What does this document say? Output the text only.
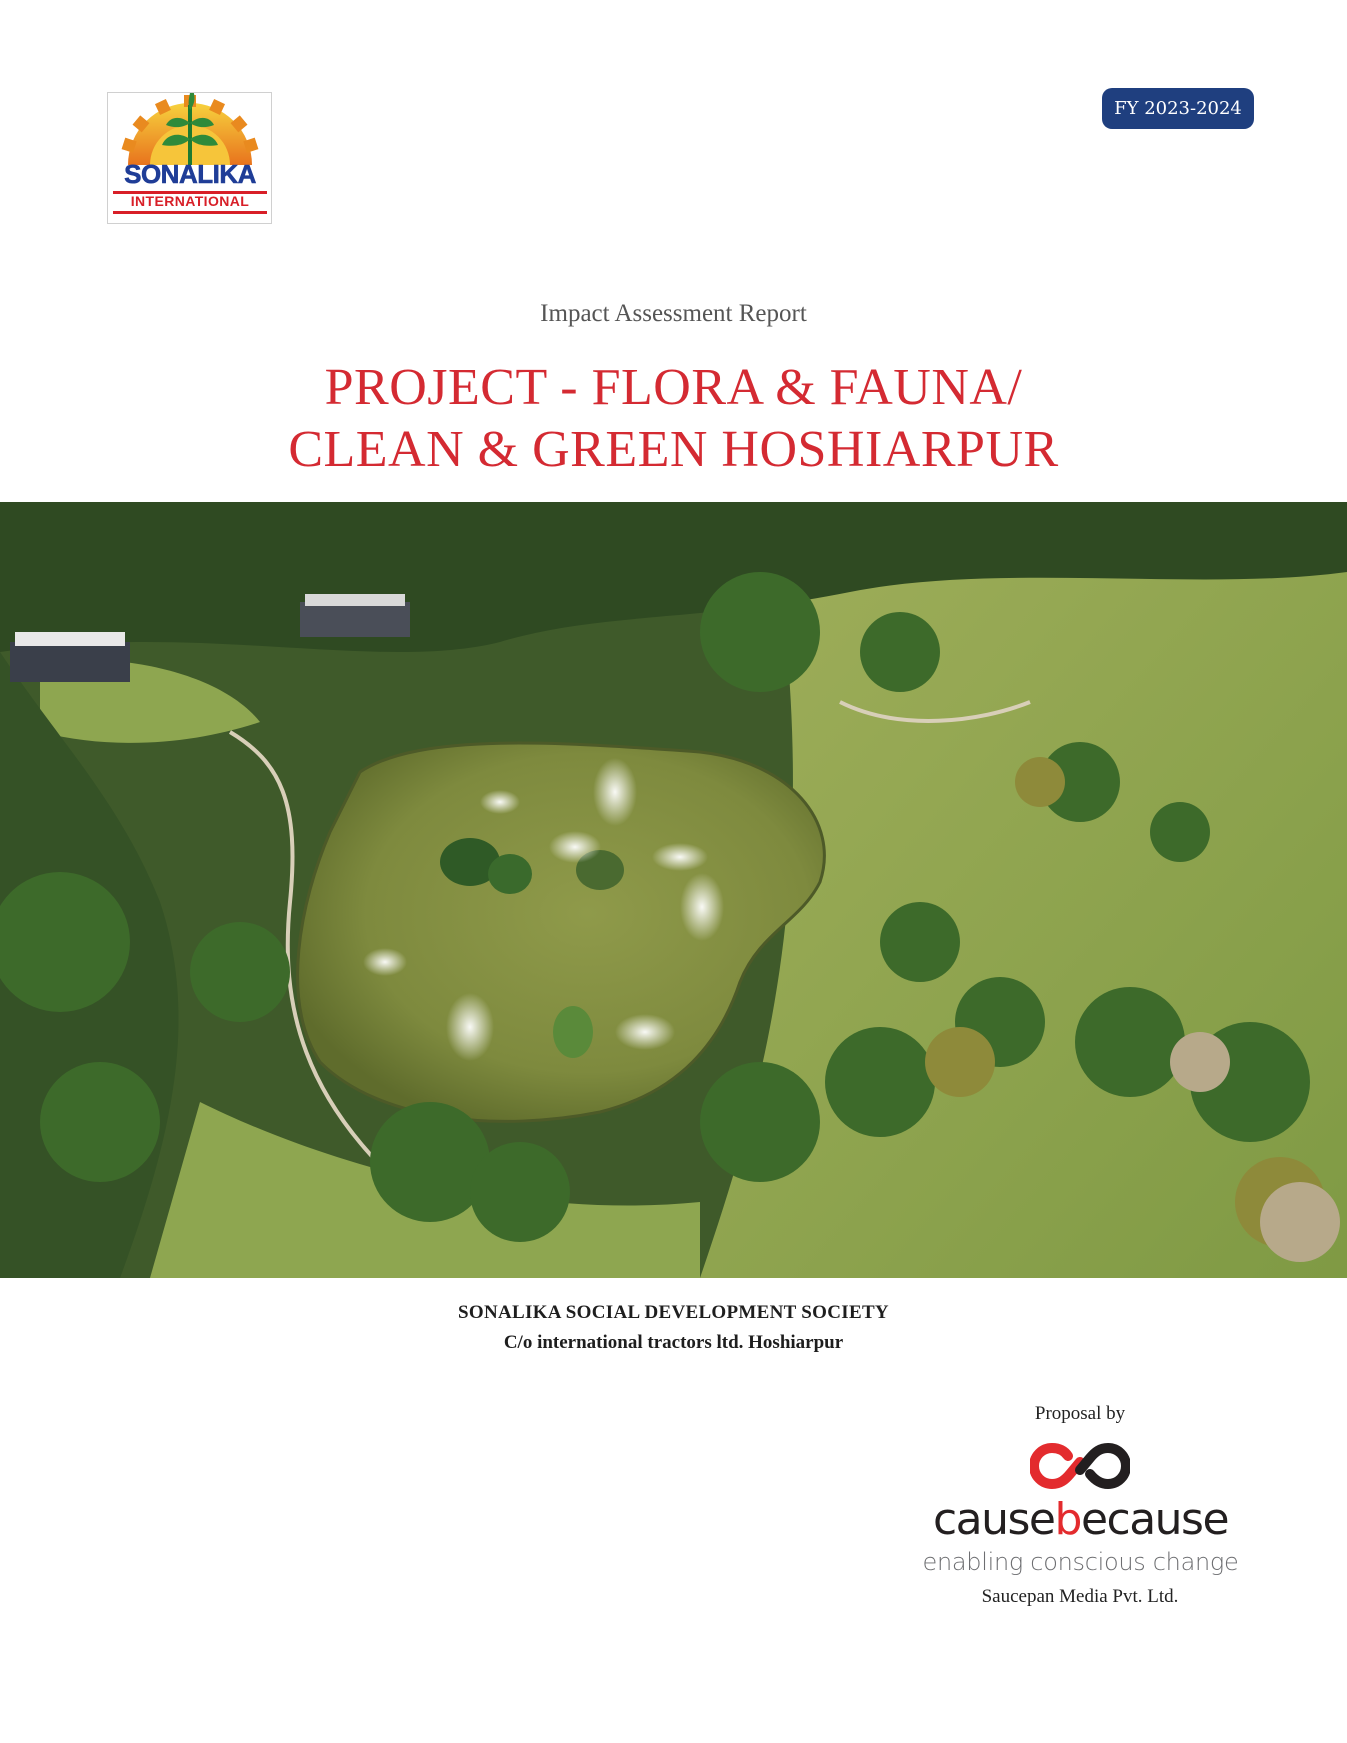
SONALIKA
INTERNATIONAL
FY 2023-2024
Impact Assessment Report
PROJECT - FLORA & FAUNA/
CLEAN & GREEN HOSHIARPUR
SONALIKA SOCIAL DEVELOPMENT SOCIETY
C/o international tractors ltd. Hoshiarpur
Proposal by
causebecause
enabling conscious change
Saucepan Media Pvt. Ltd.
